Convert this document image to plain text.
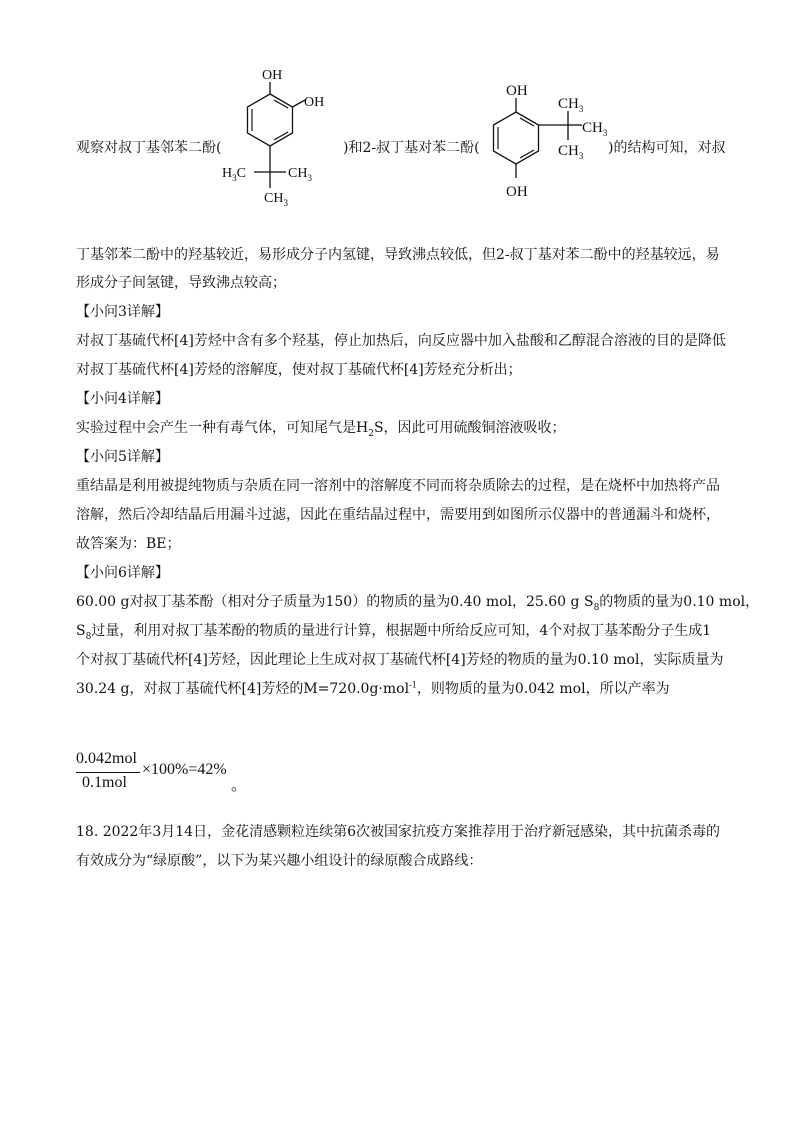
观察对叔丁基邻苯二酚(
OH
OH
$H_3C$	$CH_3$
$CH_3$
)和2-叔丁基对苯二酚(
OH
OH
$CH_3$
$CH_3$
$CH_3$ )的结构可知，对叔
丁基邻苯二酚中的羟基较近，易形成分子内氢键，导致沸点较低，但2-叔丁基对苯二酚中的羟基较远，易
形成分子间氢键，导致沸点较高；
【小问3详解】
对叔丁基硫代杯[4]芳烃中含有多个羟基，停止加热后，向反应器中加入盐酸和乙醇混合溶液的目的是降低
对叔丁基硫代杯[4]芳烃的溶解度，使对叔丁基硫代杯[4]芳烃充分析出；
【小问4详解】
实验过程中会产生一种有毒气体，可知尾气是$H_2S$，因此可用硫酸铜溶液吸收；
【小问5详解】
重结晶是利用被提纯物质与杂质在同一溶剂中的溶解度不同而将杂质除去的过程，是在烧杯中加热将产品
溶解，然后冷却结晶后用漏斗过滤，因此在重结晶过程中，需要用到如图所示仪器中的普通漏斗和烧杯，
故答案为：BE；
【小问6详解】
60.00 g对叔丁基苯酚（相对分子质量为150）的物质的量为0.40 mol，25.60 g $S_8$的物质的量为0.10 mol，
$S_8$过量，利用对叔丁基苯酚的物质的量进行计算，根据题中所给反应可知，4个对叔丁基苯酚分子生成1
个对叔丁基硫代杯[4]芳烃，因此理论上生成对叔丁基硫代杯[4]芳烃的物质的量为0.10 mol，实际质量为
30.24 g，对叔丁基硫代杯[4]芳烃的M=720.0g·mol$^{-1}$，则物质的量为0.042 mol，所以产率为
0.042mol
0.1mol
×100%=42%
。
18. 2022年3月14日，金花清感颗粒连续第6次被国家抗疫方案推荐用于治疗新冠感染，其中抗菌杀毒的
有效成分为“绿原酸”，以下为某兴趣小组设计的绿原酸合成路线：
